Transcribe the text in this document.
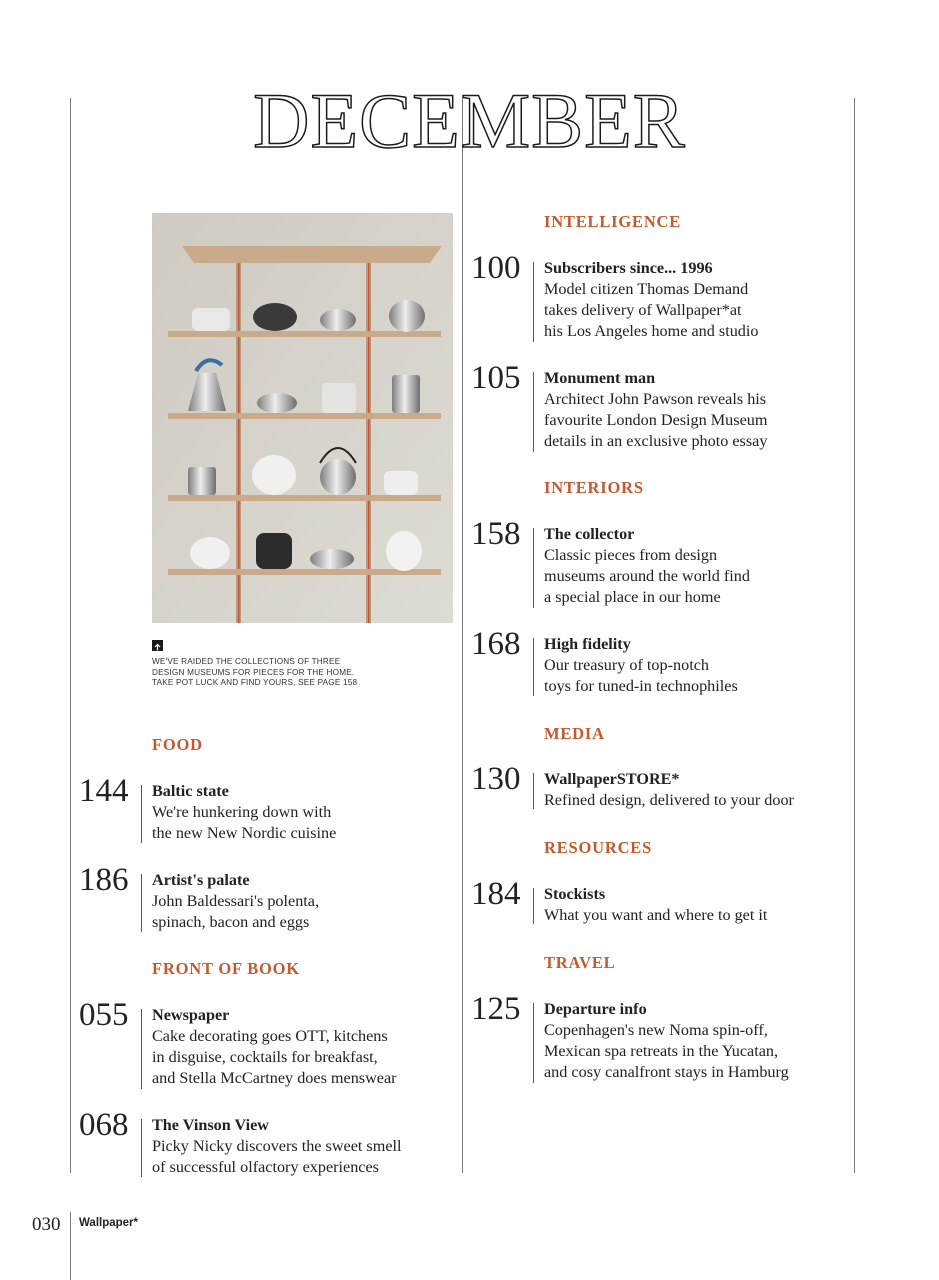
DECEMBER
WE'VE RAIDED THE COLLECTIONS OF THREE
DESIGN MUSEUMS FOR PIECES FOR THE HOME.
TAKE POT LUCK AND FIND YOURS, SEE PAGE 158
FOOD
144 Baltic state
We're hunkering down with
the new New Nordic cuisine
186 Artist's palate
John Baldessari's polenta,
spinach, bacon and eggs
FRONT OF BOOK
055 Newspaper
Cake decorating goes OTT, kitchens
in disguise, cocktails for breakfast,
and Stella McCartney does menswear
068 The Vinson View
Picky Nicky discovers the sweet smell
of successful olfactory experiences
INTELLIGENCE
100 Subscribers since... 1996
Model citizen Thomas Demand
takes delivery of Wallpaper*at
his Los Angeles home and studio
105 Monument man
Architect John Pawson reveals his
favourite London Design Museum
details in an exclusive photo essay
INTERIORS
158 The collector
Classic pieces from design
museums around the world find
a special place in our home
168 High fidelity
Our treasury of top-notch
toys for tuned-in technophiles
MEDIA
130 WallpaperSTORE*
Refined design, delivered to your door
RESOURCES
184 Stockists
What you want and where to get it
TRAVEL
125 Departure info
Copenhagen's new Noma spin-off,
Mexican spa retreats in the Yucatan,
and cosy canalfront stays in Hamburg
030 Wallpaper*
